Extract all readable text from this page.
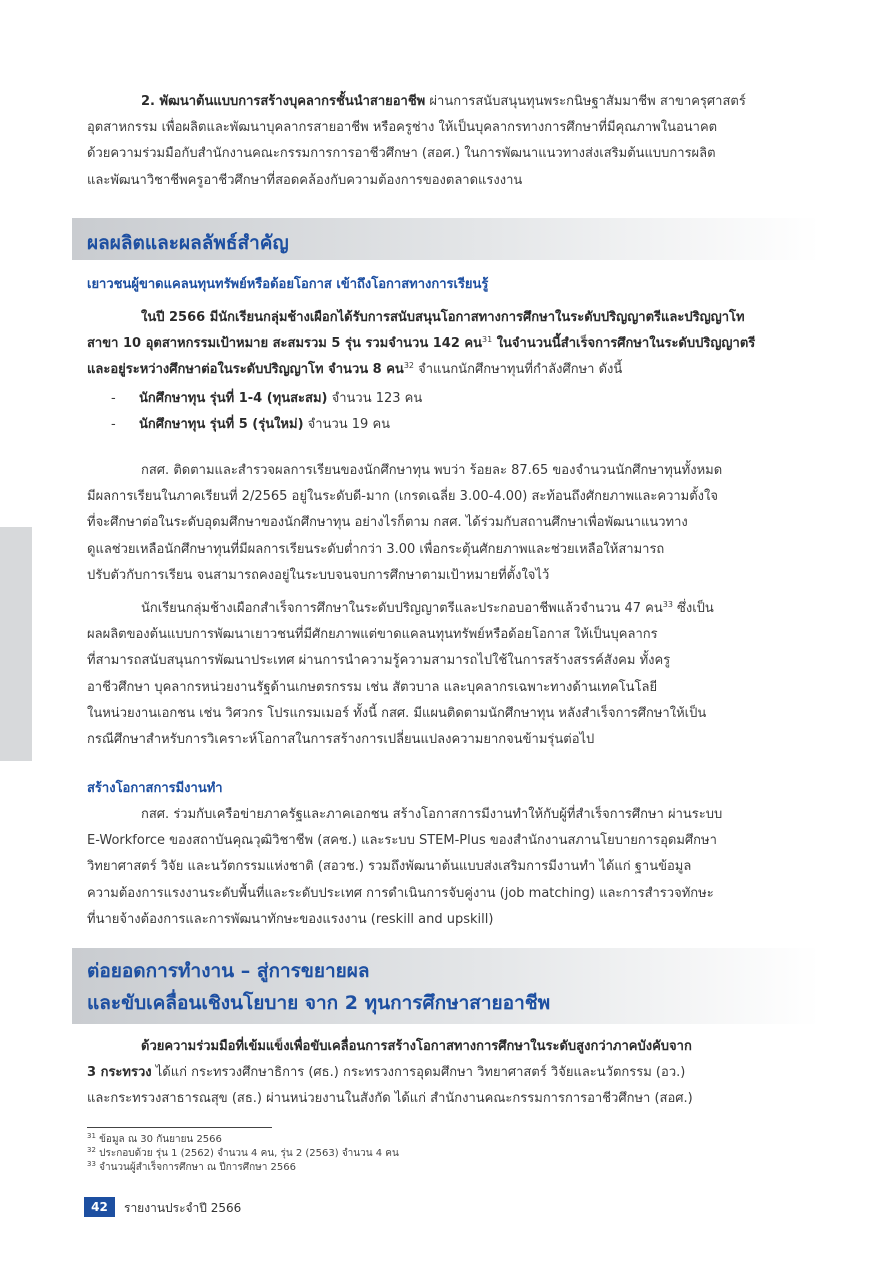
2. พัฒนาต้นแบบการสร้างบุคลากรชั้นนำสายอาชีพ ผ่านการสนับสนุนทุนพระกนิษฐาสัมมาชีพ สาขาครุศาสตร์
อุตสาหกรรม เพื่อผลิตและพัฒนาบุคลากรสายอาชีพ หรือครูช่าง ให้เป็นบุคลากรทางการศึกษาที่มีคุณภาพในอนาคต
ด้วยความร่วมมือกับสำนักงานคณะกรรมการการอาชีวศึกษา (สอศ.) ในการพัฒนาแนวทางส่งเสริมต้นแบบการผลิต
และพัฒนาวิชาชีพครูอาชีวศึกษาที่สอดคล้องกับความต้องการของตลาดแรงงาน
ผลผลิตและผลลัพธ์สำคัญ
เยาวชนผู้ขาดแคลนทุนทรัพย์หรือด้อยโอกาส เข้าถึงโอกาสทางการเรียนรู้
ในปี 2566 มีนักเรียนกลุ่มช้างเผือกได้รับการสนับสนุนโอกาสทางการศึกษาในระดับปริญญาตรีและปริญญาโท
สาขา 10 อุตสาหกรรมเป้าหมาย สะสมรวม 5 รุ่น รวมจำนวน 142 คน$^{31}$ ในจำนวนนี้สำเร็จการศึกษาในระดับปริญญาตรี
และอยู่ระหว่างศึกษาต่อในระดับปริญญาโท จำนวน 8 คน$^{32}$ จำแนกนักศึกษาทุนที่กำลังศึกษา ดังนี้
- นักศึกษาทุน รุ่นที่ 1-4 (ทุนสะสม) จำนวน 123 คน
- นักศึกษาทุน รุ่นที่ 5 (รุ่นใหม่) จำนวน 19 คน
กสศ. ติดตามและสำรวจผลการเรียนของนักศึกษาทุน พบว่า ร้อยละ 87.65 ของจำนวนนักศึกษาทุนทั้งหมด
มีผลการเรียนในภาคเรียนที่ 2/2565 อยู่ในระดับดี-มาก (เกรดเฉลี่ย 3.00-4.00) สะท้อนถึงศักยภาพและความตั้งใจ
ที่จะศึกษาต่อในระดับอุดมศึกษาของนักศึกษาทุน อย่างไรก็ตาม กสศ. ได้ร่วมกับสถานศึกษาเพื่อพัฒนาแนวทาง
ดูแลช่วยเหลือนักศึกษาทุนที่มีผลการเรียนระดับต่ำกว่า 3.00 เพื่อกระตุ้นศักยภาพและช่วยเหลือให้สามารถ
ปรับตัวกับการเรียน จนสามารถคงอยู่ในระบบจนจบการศึกษาตามเป้าหมายที่ตั้งใจไว้
นักเรียนกลุ่มช้างเผือกสำเร็จการศึกษาในระดับปริญญาตรีและประกอบอาชีพแล้วจำนวน 47 คน$^{33}$ ซึ่งเป็น
ผลผลิตของต้นแบบการพัฒนาเยาวชนที่มีศักยภาพแต่ขาดแคลนทุนทรัพย์หรือด้อยโอกาส ให้เป็นบุคลากร
ที่สามารถสนับสนุนการพัฒนาประเทศ ผ่านการนำความรู้ความสามารถไปใช้ในการสร้างสรรค์สังคม ทั้งครู
อาชีวศึกษา บุคลากรหน่วยงานรัฐด้านเกษตรกรรม เช่น สัตวบาล และบุคลากรเฉพาะทางด้านเทคโนโลยี
ในหน่วยงานเอกชน เช่น วิศวกร โปรแกรมเมอร์ ทั้งนี้ กสศ. มีแผนติดตามนักศึกษาทุน หลังสำเร็จการศึกษาให้เป็น
กรณีศึกษาสำหรับการวิเคราะห์โอกาสในการสร้างการเปลี่ยนแปลงความยากจนข้ามรุ่นต่อไป
สร้างโอกาสการมีงานทำ
กสศ. ร่วมกับเครือข่ายภาครัฐและภาคเอกชน สร้างโอกาสการมีงานทำให้กับผู้ที่สำเร็จการศึกษา ผ่านระบบ
E-Workforce ของสถาบันคุณวุฒิวิชาชีพ (สคช.) และระบบ STEM-Plus ของสำนักงานสภานโยบายการอุดมศึกษา
วิทยาศาสตร์ วิจัย และนวัตกรรมแห่งชาติ (สอวช.) รวมถึงพัฒนาต้นแบบส่งเสริมการมีงานทำ ได้แก่ ฐานข้อมูล
ความต้องการแรงงานระดับพื้นที่และระดับประเทศ การดำเนินการจับคู่งาน (job matching) และการสำรวจทักษะ
ที่นายจ้างต้องการและการพัฒนาทักษะของแรงงาน (reskill and upskill)
ต่อยอดการทำงาน – สู่การขยายผล
และขับเคลื่อนเชิงนโยบาย จาก 2 ทุนการศึกษาสายอาชีพ
ด้วยความร่วมมือที่เข้มแข็งเพื่อขับเคลื่อนการสร้างโอกาสทางการศึกษาในระดับสูงกว่าภาคบังคับจาก
3 กระทรวง ได้แก่ กระทรวงศึกษาธิการ (ศธ.) กระทรวงการอุดมศึกษา วิทยาศาสตร์ วิจัยและนวัตกรรม (อว.)
และกระทรวงสาธารณสุข (สธ.) ผ่านหน่วยงานในสังกัด ได้แก่ สำนักงานคณะกรรมการการอาชีวศึกษา (สอศ.)
$^{31}$ ข้อมูล ณ 30 กันยายน 2566
$^{32}$ ประกอบด้วย รุ่น 1 (2562) จำนวน 4 คน, รุ่น 2 (2563) จำนวน 4 คน
$^{33}$ จำนวนผู้สำเร็จการศึกษา ณ ปีการศึกษา 2566
42	รายงานประจำปี 2566
